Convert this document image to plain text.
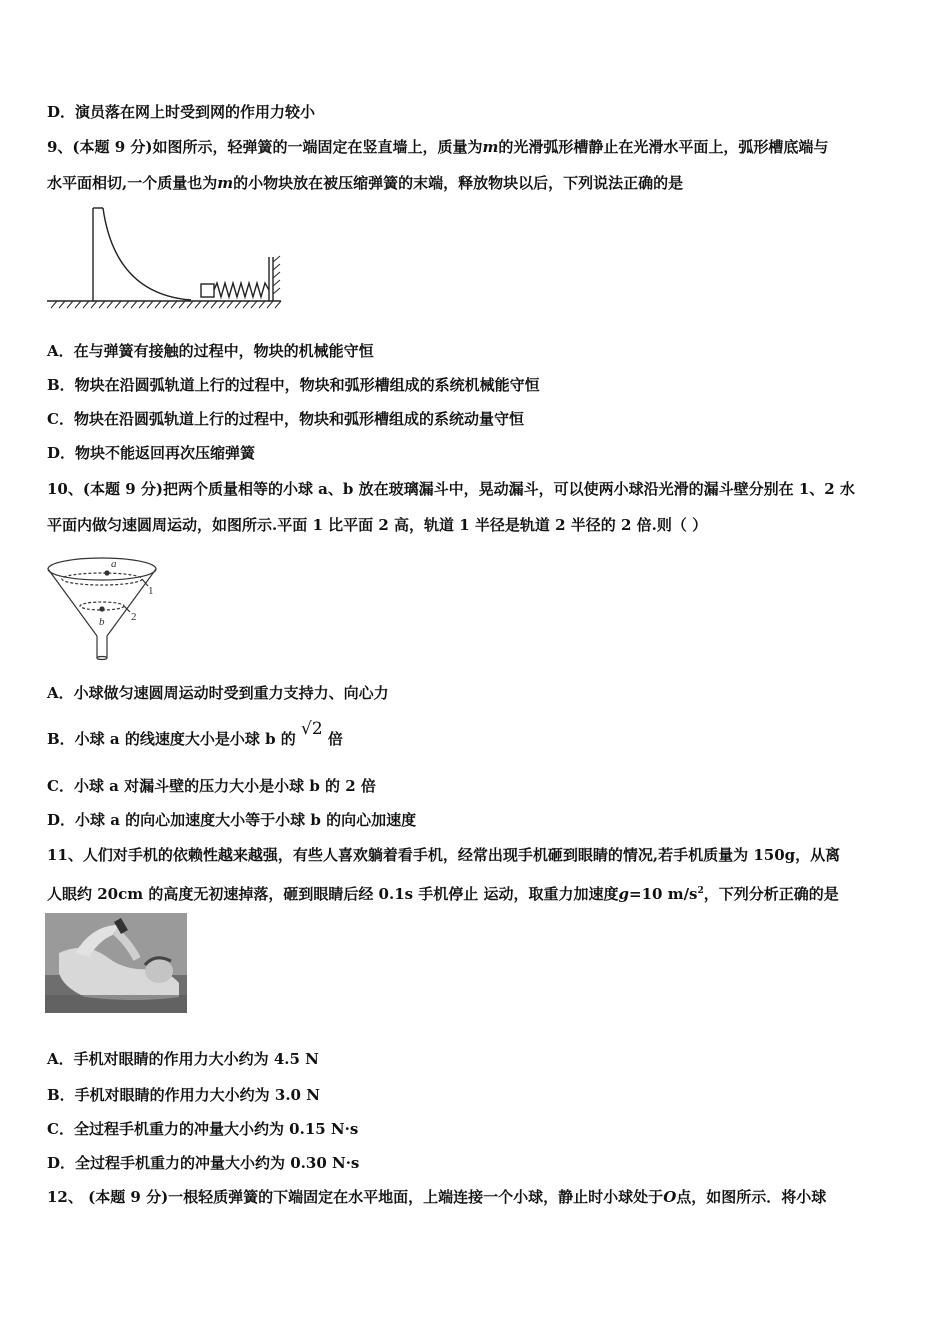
D．演员落在网上时受到网的作用力较小
9、(本题 9 分)如图所示，轻弹簧的一端固定在竖直墙上，质量为m的光滑弧形槽静止在光滑水平面上，弧形槽底端与
水平面相切,一个质量也为m的小物块放在被压缩弹簧的末端，释放物块以后，下列说法正确的是
A．在与弹簧有接触的过程中，物块的机械能守恒
B．物块在沿圆弧轨道上行的过程中，物块和弧形槽组成的系统机械能守恒
C．物块在沿圆弧轨道上行的过程中，物块和弧形槽组成的系统动量守恒
D．物块不能返回再次压缩弹簧
10、(本题 9 分)把两个质量相等的小球 a、b 放在玻璃漏斗中，晃动漏斗，可以使两小球沿光滑的漏斗壁分别在 1、2 水
平面内做匀速圆周运动，如图所示.平面 1 比平面 2 高，轨道 1 半径是轨道 2 半径的 2 倍.则（ ）
a
b
1
2
A．小球做匀速圆周运动时受到重力支持力、向心力
B．小球 a 的线速度大小是小球 b 的 √2 倍
C．小球 a 对漏斗壁的压力大小是小球 b 的 2 倍
D．小球 a 的向心加速度大小等于小球 b 的向心加速度
11、人们对手机的依赖性越来越强，有些人喜欢躺着看手机，经常出现手机砸到眼睛的情况,若手机质量为 150g，从离
人眼约 20cm 的高度无初速掉落，砸到眼睛后经 0.1s 手机停止 运动，取重力加速度g=10 $m/s^2$，下列分析正确的是
A．手机对眼睛的作用力大小约为 4.5 N
B．手机对眼睛的作用力大小约为 3.0 N
C．全过程手机重力的冲量大小约为 0.15 N·s
D．全过程手机重力的冲量大小约为 0.30 N·s
12、 (本题 9 分)一根轻质弹簧的下端固定在水平地面，上端连接一个小球，静止时小球处于O点，如图所示．将小球
